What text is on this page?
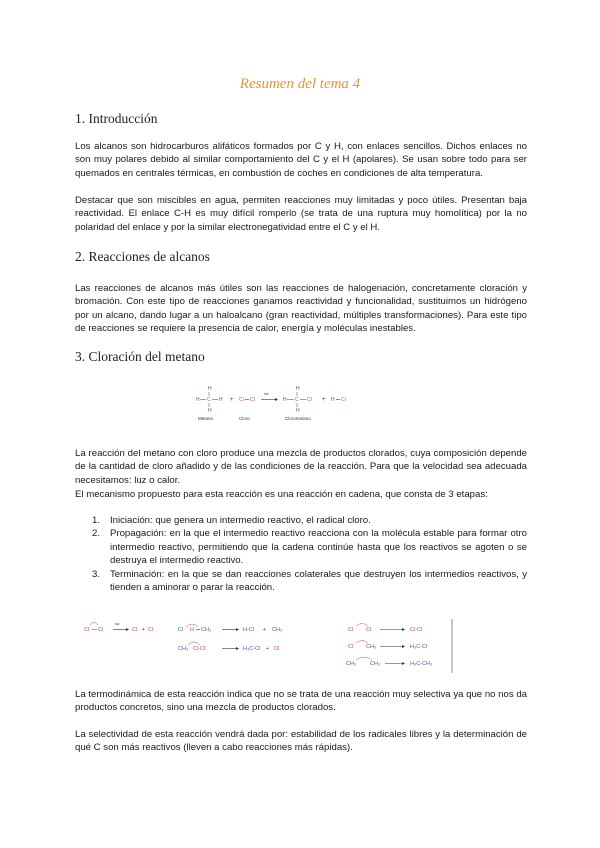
Resumen del tema 4
1. Introducción

Los alcanos son hidrocarburos alifáticos formados por C y H, con enlaces sencillos. Dichos enlaces no son muy polares debido al similar comportamiento del C y el H (apolares). Se usan sobre todo para ser quemados en centrales térmicas, en combustión de coches en condiciones de alta temperatura.

Destacar que son miscibles en agua, permiten reacciones muy limitadas y poco útiles. Presentan baja reactividad. El enlace C-H es muy difícil romperlo (se trata de una ruptura muy homolítica) por la no polaridad del enlace y por la similar electronegatividad entre el C y el H.

2. Reacciones de alcanos

Las reacciones de alcanos más útiles son las reacciones de halogenación, concretamente cloración y bromación. Con este tipo de reacciones ganamos reactividad y funcionalidad, sustituimos un hidrógeno por un alcano, dando lugar a un haloalcano (gran reactividad, múltiples transformaciones). Para este tipo de reacciones se requiere la presencia de calor, energía y moléculas inestables.

3. Cloración del metano
H
H C H
H
+ Cl Cl
luz
H
H C Cl
H
+ H Cl
Metano	Cloro	Clorometano

La reacción del metano con cloro produce una mezcla de productos clorados, cuya composición depende de la cantidad de cloro añadido y de las condiciones de la reacción. Para que la velocidad sea adecuada necesitamos: luz o calor.

El mecanismo propuesto para esta reacción es una reacción en cadena, que consta de 3 etapas:

1. Iniciación: que genera un intermedio reactivo, el radical cloro.
2. Propagación: en la que el intermedio reactivo reacciona con la molécula estable para formar otro intermedio reactivo, permitiendo que la cadena continúe hasta que los reactivos se agoten o se destruya el intermedio reactivo.
3. Terminación: en la que se dan reacciones colaterales que destruyen los intermedios reactivos, y tienden a aminorar o parar la reacción.
Cl Cl
luz
Cl + Cl	Cl H CH₃	H-Cl + CH₃
CH₃ Cl-Cl	H₃C-Cl + Cl
Cl Cl	Cl-Cl
Cl CH₃	H₃C-Cl
CH₃	CH₃	H₃C-CH₃

La termodinámica de esta reacción indica que no se trata de una reacción muy selectiva ya que no nos da productos concretos, sino una mezcla de productos clorados.

La selectividad de esta reacción vendrá dada por: estabilidad de los radicales libres y la determinación de qué C son más reactivos (lleven a cabo reacciones más rápidas).
